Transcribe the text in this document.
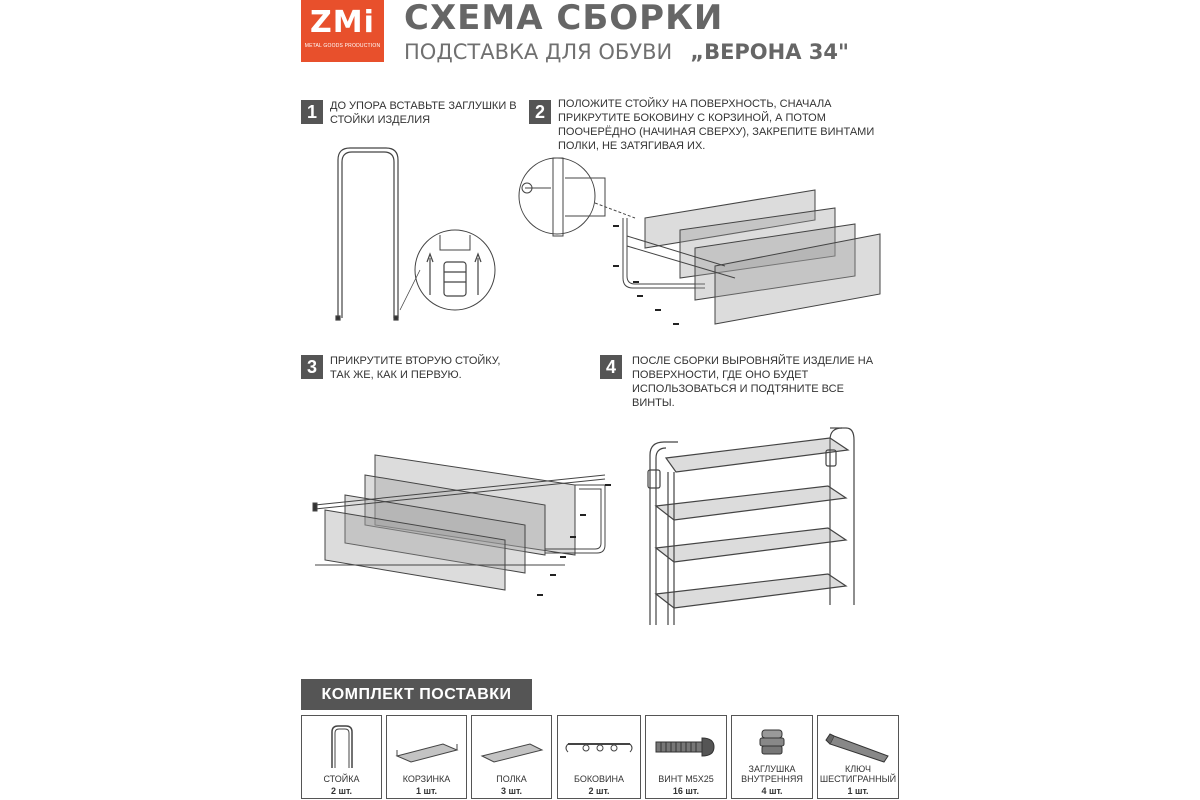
ZMi
METAL GOODS PRODUCTION
СХЕМА СБОРКИ
ПОДСТАВКА ДЛЯ ОБУВИ „ВЕРОНА 34"
1	ДО УПОРА ВСТАВЬТЕ ЗАГЛУШКИ В СТОЙКИ ИЗДЕЛИЯ	2	ПОЛОЖИТЕ СТОЙКУ НА ПОВЕРХНОСТЬ, СНАЧАЛА ПРИКРУТИТЕ БОКОВИНУ С КОРЗИНОЙ, А ПОТОМ ПООЧЕРЁДНО (НАЧИНАЯ СВЕРХУ), ЗАКРЕПИТЕ ВИНТАМИ ПОЛКИ, НЕ ЗАТЯГИВАЯ ИХ.
3	ПРИКРУТИТЕ ВТОРУЮ СТОЙКУ, ТАК ЖЕ, КАК И ПЕРВУЮ.	4	ПОСЛЕ СБОРКИ ВЫРОВНЯЙТЕ ИЗДЕЛИЕ НА ПОВЕРХНОСТИ, ГДЕ ОНО БУДЕТ ИСПОЛЬЗОВАТЬСЯ И ПОДТЯНИТЕ ВСЕ ВИНТЫ.
КОМПЛЕКТ ПОСТАВКИ
СТОЙКА
2 шт.
КОРЗИНКА
1 шт.
ПОЛКА
3 шт.
БОКОВИНА
2 шт.
ВИНТ М5Х25
16 шт.
ЗАГЛУШКА ВНУТРЕННЯЯ
4 шт.
КЛЮЧ ШЕСТИГРАННЫЙ
1 шт.
